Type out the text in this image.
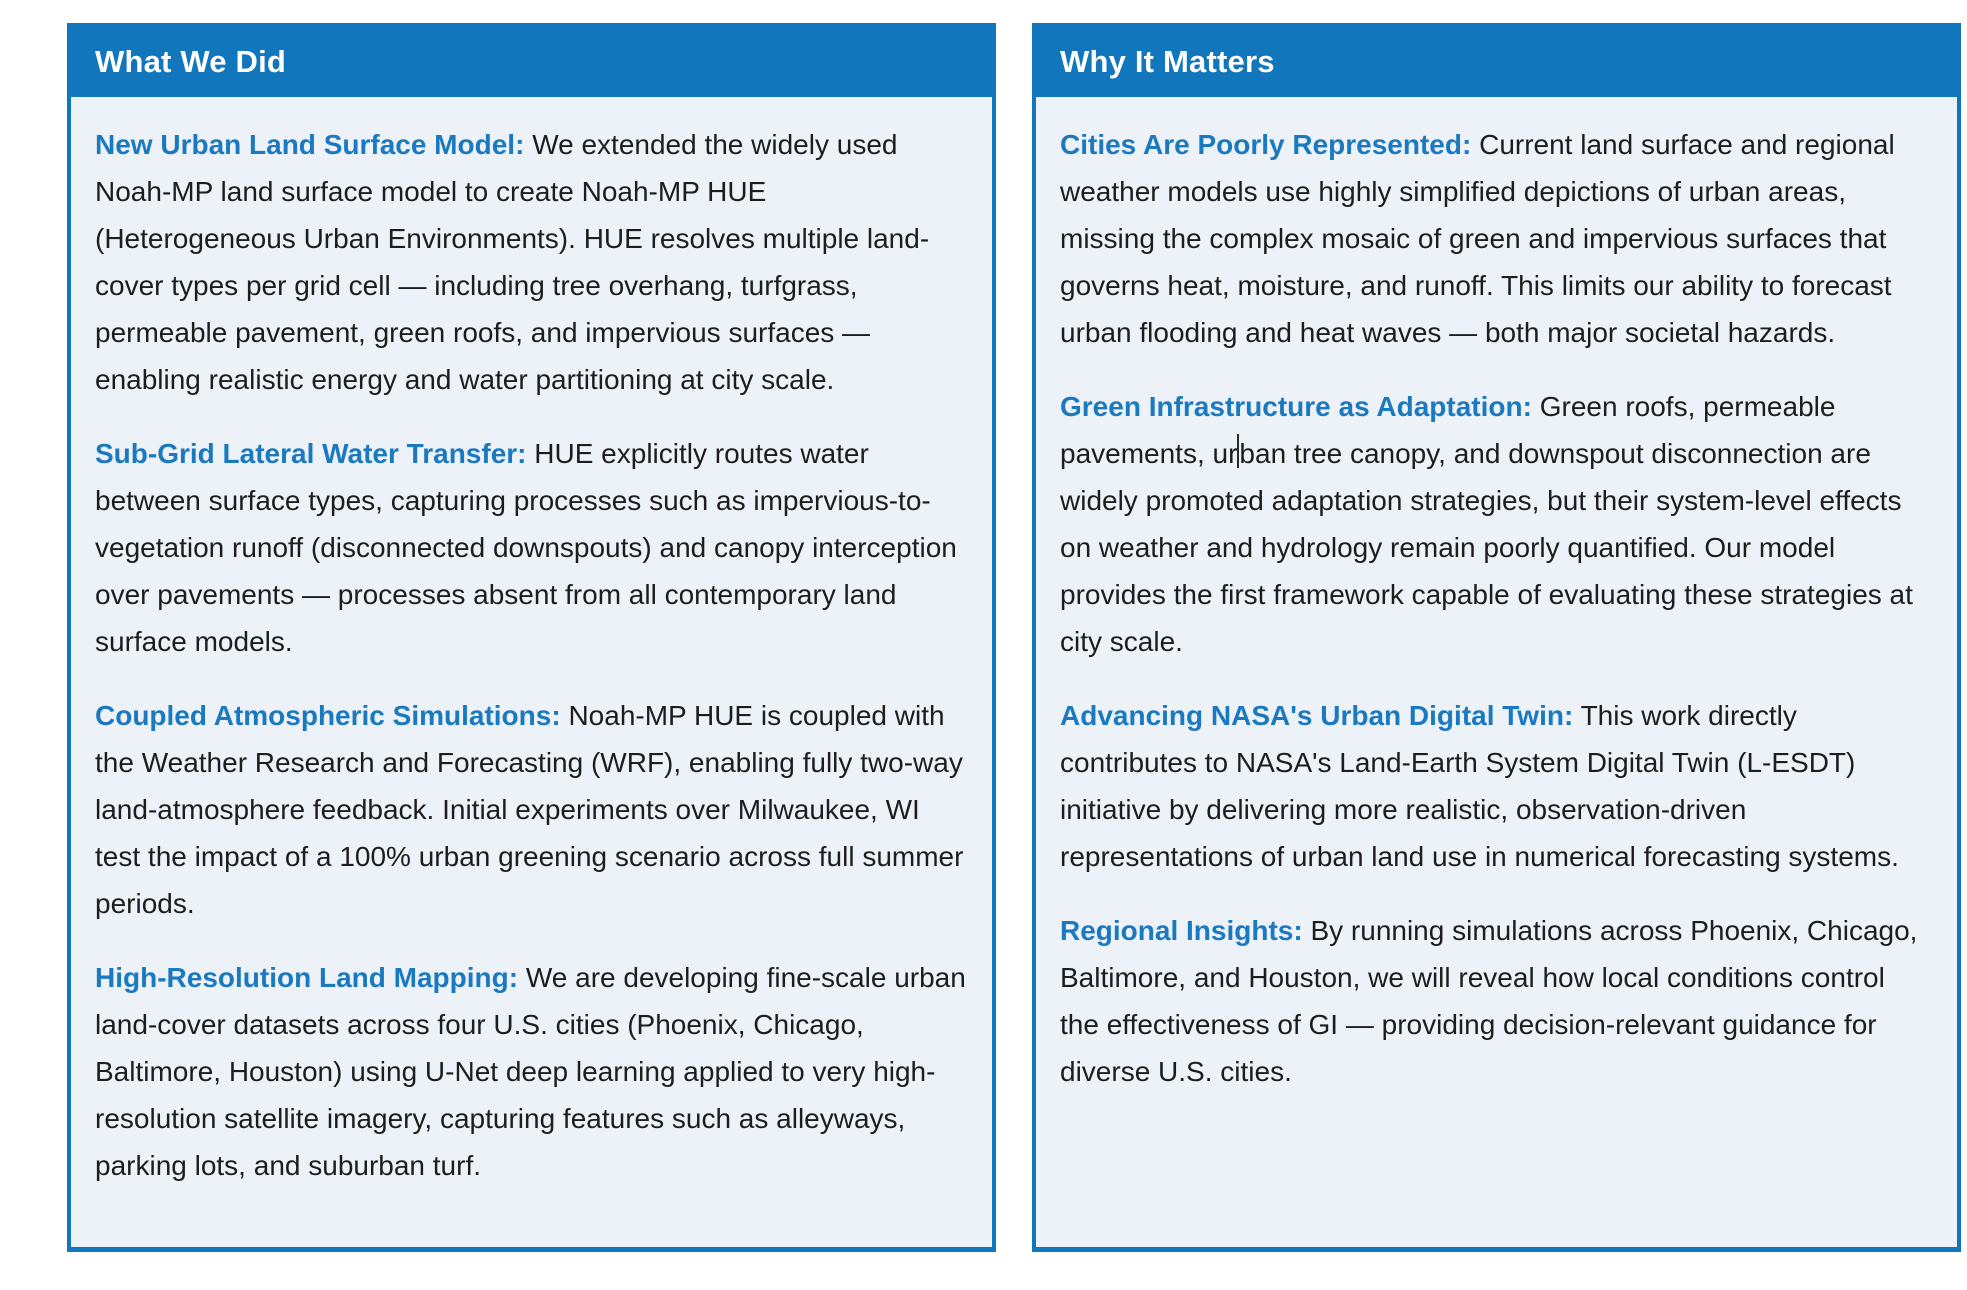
What We Did

New Urban Land Surface Model: We extended the widely used Noah-MP land surface model to create Noah-MP HUE (Heterogeneous Urban Environments). HUE resolves multiple land-cover types per grid cell — including tree overhang, turfgrass, permeable pavement, green roofs, and impervious surfaces — enabling realistic energy and water partitioning at city scale.

Sub-Grid Lateral Water Transfer: HUE explicitly routes water between surface types, capturing processes such as impervious-to-vegetation runoff (disconnected downspouts) and canopy interception over pavements — processes absent from all contemporary land surface models.

Coupled Atmospheric Simulations: Noah-MP HUE is coupled with the Weather Research and Forecasting (WRF), enabling fully two-way land-atmosphere feedback. Initial experiments over Milwaukee, WI test the impact of a 100% urban greening scenario across full summer periods.

High-Resolution Land Mapping: We are developing fine-scale urban land-cover datasets across four U.S. cities (Phoenix, Chicago, Baltimore, Houston) using U-Net deep learning applied to very high-resolution satellite imagery, capturing features such as alleyways, parking lots, and suburban turf.

Why It Matters

Cities Are Poorly Represented: Current land surface and regional weather models use highly simplified depictions of urban areas, missing the complex mosaic of green and impervious surfaces that governs heat, moisture, and runoff. This limits our ability to forecast urban flooding and heat waves — both major societal hazards.

Green Infrastructure as Adaptation: Green roofs, permeable pavements, urban tree canopy, and downspout disconnection are widely promoted adaptation strategies, but their system-level effects on weather and hydrology remain poorly quantified. Our model provides the first framework capable of evaluating these strategies at city scale.

Advancing NASA's Urban Digital Twin: This work directly contributes to NASA's Land-Earth System Digital Twin (L-ESDT) initiative by delivering more realistic, observation-driven representations of urban land use in numerical forecasting systems.

Regional Insights: By running simulations across Phoenix, Chicago, Baltimore, and Houston, we will reveal how local conditions control the effectiveness of GI — providing decision-relevant guidance for diverse U.S. cities.
